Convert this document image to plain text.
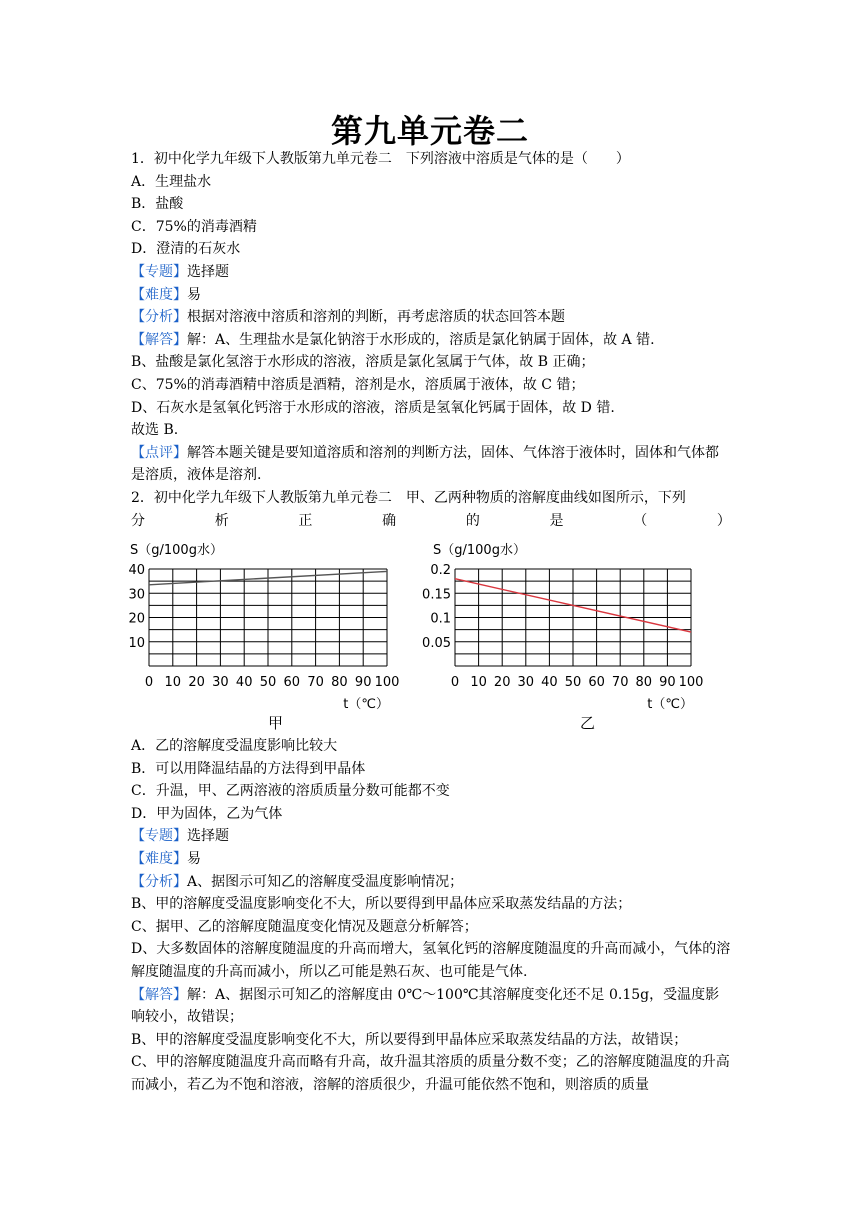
第九单元卷二
1．初中化学九年级下人教版第九单元卷二　下列溶液中溶质是气体的是（　　）
A．生理盐水
B．盐酸
C．75%的消毒酒精
D．澄清的石灰水
【专题】选择题
【难度】易
【分析】根据对溶液中溶质和溶剂的判断，再考虑溶质的状态回答本题
【解答】解：A、生理盐水是氯化钠溶于水形成的，溶质是氯化钠属于固体，故 A 错.
B、盐酸是氯化氢溶于水形成的溶液，溶质是氯化氢属于气体，故 B 正确；
C、75%的消毒酒精中溶质是酒精，溶剂是水，溶质属于液体，故 C 错；
D、石灰水是氢氧化钙溶于水形成的溶液，溶质是氢氧化钙属于固体，故 D 错.
故选 B.
【点评】解答本题关键是要知道溶质和溶剂的判断方法，固体、气体溶于液体时，固体和气体都是溶质，液体是溶剂.
2．初中化学九年级下人教版第九单元卷二　甲、乙两种物质的溶解度曲线如图所示，下列
分	析	正	确	的	是	（	）
10
20
30
40
0 10 20 30 40 50 60 70 80 90 100
S（g/100g水）
t（℃）
0.05
0.1
0.15
0.2
0 10 20 30 40 50 60 70 80 90 100
S（g/100g水）
t（℃）
甲	乙
A．乙的溶解度受温度影响比较大
B．可以用降温结晶的方法得到甲晶体
C．升温，甲、乙两溶液的溶质质量分数可能都不变
D．甲为固体，乙为气体
【专题】选择题
【难度】易
【分析】A、据图示可知乙的溶解度受温度影响情况；
B、甲的溶解度受温度影响变化不大，所以要得到甲晶体应采取蒸发结晶的方法；
C、据甲、乙的溶解度随温度变化情况及题意分析解答；
D、大多数固体的溶解度随温度的升高而增大，氢氧化钙的溶解度随温度的升高而减小，气体的溶解度随温度的升高而减小，所以乙可能是熟石灰、也可能是气体.
【解答】解：A、据图示可知乙的溶解度由 0℃～100℃其溶解度变化还不足 0.15g，受温度影响较小，故错误；
B、甲的溶解度受温度影响变化不大，所以要得到甲晶体应采取蒸发结晶的方法，故错误；
C、甲的溶解度随温度升高而略有升高，故升温其溶质的质量分数不变；乙的溶解度随温度的升高而减小，若乙为不饱和溶液，溶解的溶质很少，升温可能依然不饱和，则溶质的质量
